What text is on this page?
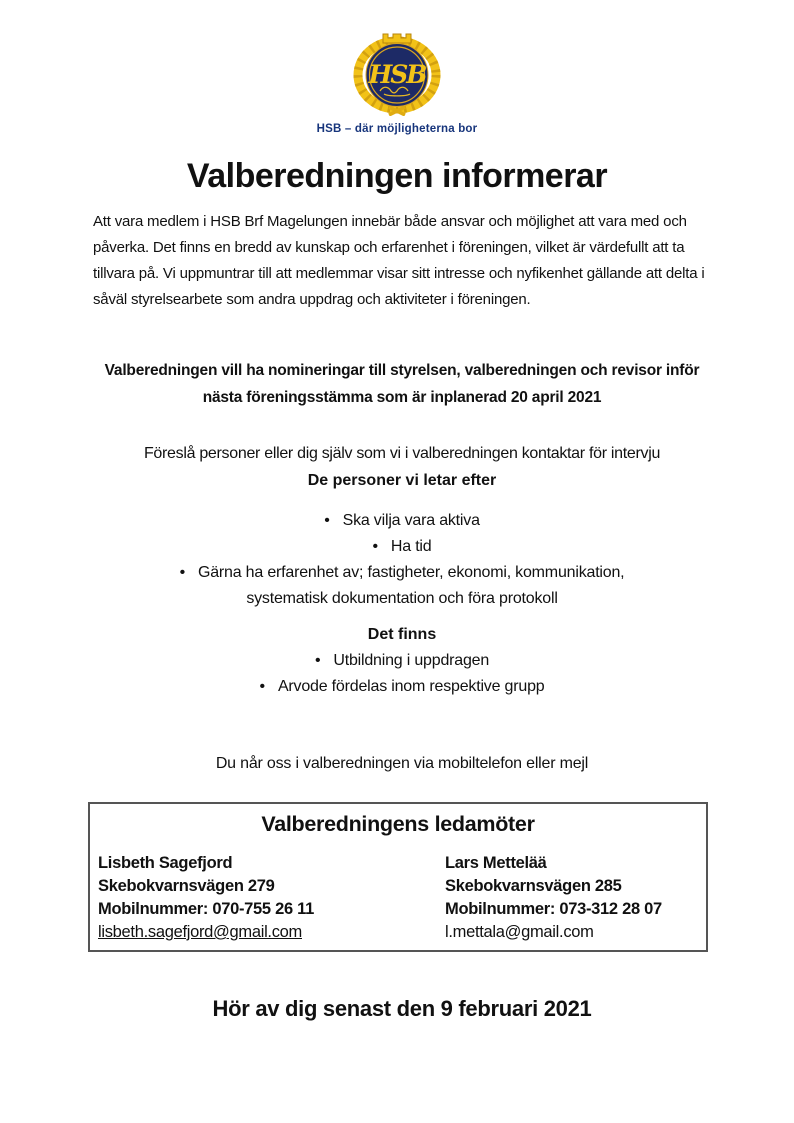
HSB
HSB – där möjligheterna bor
Valberedningen informerar

Att vara medlem i HSB Brf Magelungen innebär både ansvar och möjlighet att vara med och påverka. Det finns en bredd av kunskap och erfarenhet i föreningen, vilket är värdefullt att ta tillvara på. Vi uppmuntrar till att medlemmar visar sitt intresse och nyfikenhet gällande att delta i såväl styrelsearbete som andra uppdrag och aktiviteter i föreningen.

Valberedningen vill ha nomineringar till styrelsen, valberedningen och revisor inför nästa föreningsstämma som är inplanerad 20 april 2021

Föreslå personer eller dig själv som vi i valberedningen kontaktar för intervju

De personer vi letar efter

• Ska vilja vara aktiva
• Ha tid
• Gärna ha erfarenhet av; fastigheter, ekonomi, kommunikation, systematisk dokumentation och föra protokoll

Det finns

• Utbildning i uppdragen
• Arvode fördelas inom respektive grupp

Du når oss i valberedningen via mobiltelefon eller mejl

Valberedningens ledamöter
Lisbeth Sagefjord
Skebokvarnsvägen 279
Mobilnummer: 070-755 26 11
lisbeth.sagefjord@gmail.com
Lars Mettelää
Skebokvarnsvägen 285
Mobilnummer: 073-312 28 07
l.mettala@gmail.com

Hör av dig senast den 9 februari 2021
